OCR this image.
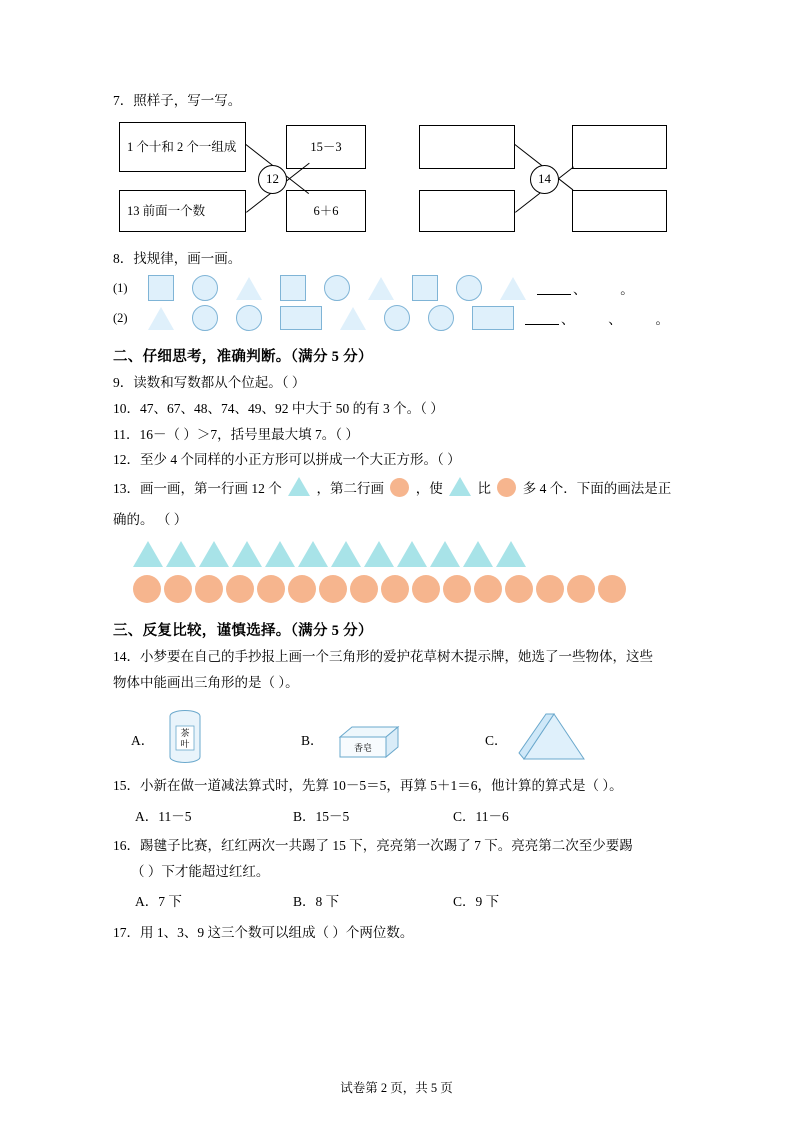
7．照样子，写一写。
1 个十和 2 个一组成
13 前面一个数
15－3
6＋6
12
	14
8．找规律，画一画。
(1)	、          。
(2)	、          、          。
二、仔细思考，准确判断。（满分 5 分）
9．读数和写数都从个位起。（ ）
10．47、67、48、74、49、92 中大于 50 的有 3 个。（ ）
11．16－（ ）＞7，括号里最大填 7。（ ）
12．至少 4 个同样的小正方形可以拼成一个大正方形。（ ）
13．画一画，第一行画 12 个	，第二行画 ，使	比 多 4 个．下面的画法是正
确的。 （ ）
三、反复比较，谨慎选择。（满分 5 分）
14．小梦要在自己的手抄报上画一个三角形的爱护花草树木提示牌，她选了一些物体，这些
物体中能画出三角形的是（ ）。
A．	茶
叶	B．	香皂	C．
15．小新在做一道减法算式时，先算 10－5＝5，再算 5＋1＝6，他计算的算式是（ ）。
A．11－5	B．15－5	C．11－6
16．踢毽子比赛，红红两次一共踢了 15 下，亮亮第一次踢了 7 下。亮亮第二次至少要踢
（ ）下才能超过红红。
A．7 下	B．8 下	C．9 下
17．用 1、3、9 这三个数可以组成（ ）个两位数。
试卷第 2 页，共 5 页
